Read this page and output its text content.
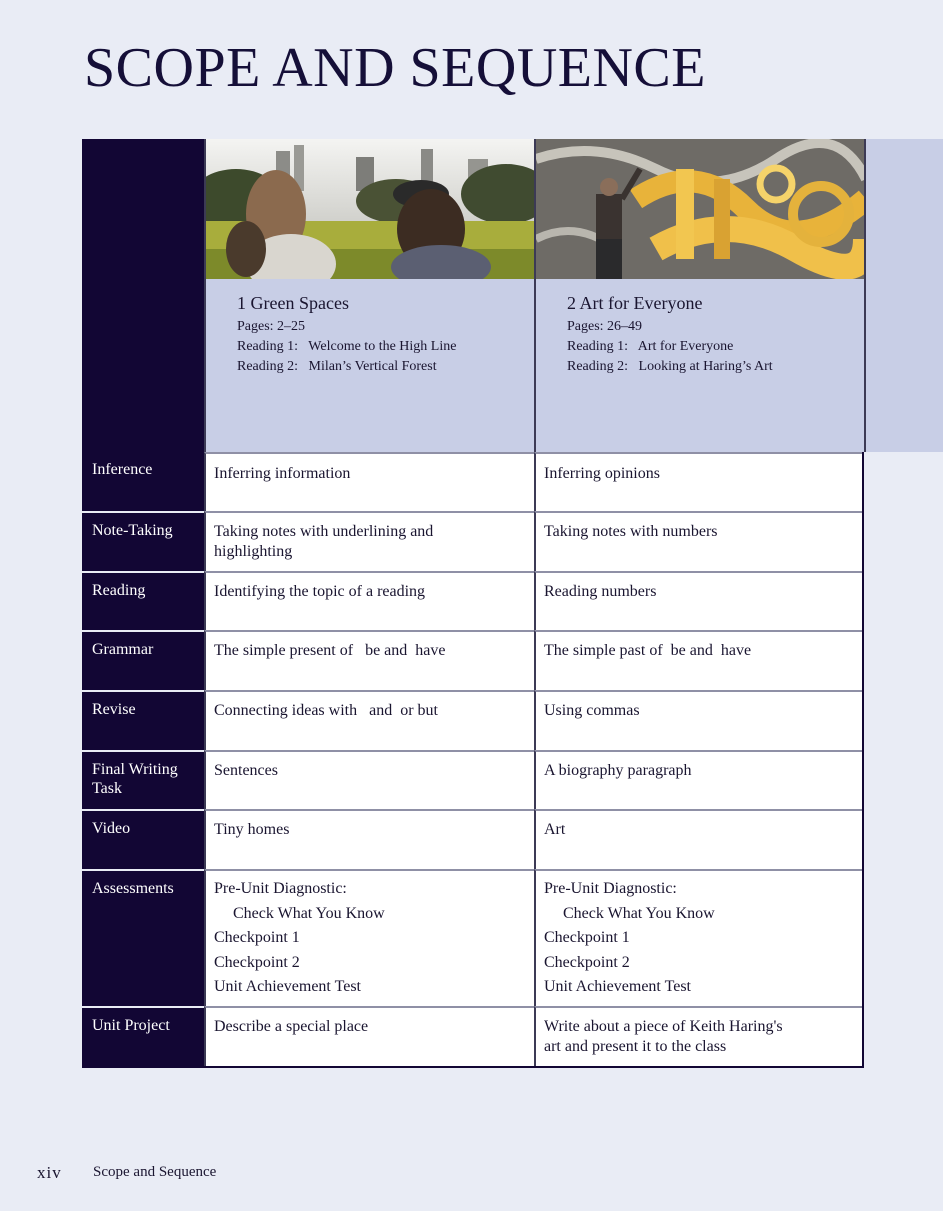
SCOPE AND SEQUENCE
1 Green Spaces
Pages: 2–25
Reading 1:   Welcome to the High Line
Reading 2:   Milan’s Vertical Forest
2 Art for Everyone
Pages: 26–49
Reading 1:   Art for Everyone
Reading 2:   Looking at Haring’s Art
Inference
Note-Taking
Reading
Grammar
Revise
Final Writing Task
Video
Assessments
Unit Project
Inferring information
Taking notes with underlining and highlighting
Identifying the topic of a reading
The simple present of   be and  have
Connecting ideas with   and  or but
Sentences
Tiny homes
Pre-Unit Diagnostic:
Check What You Know
Checkpoint 1
Checkpoint 2
Unit Achievement Test
Describe a special place
Inferring opinions
Taking notes with numbers
Reading numbers
The simple past of  be and  have
Using commas
A biography paragraph
Art
Pre-Unit Diagnostic:
Check What You Know
Checkpoint 1
Checkpoint 2
Unit Achievement Test
Write about a piece of Keith Haring's
art and present it to the class
xiv Scope and Sequence
